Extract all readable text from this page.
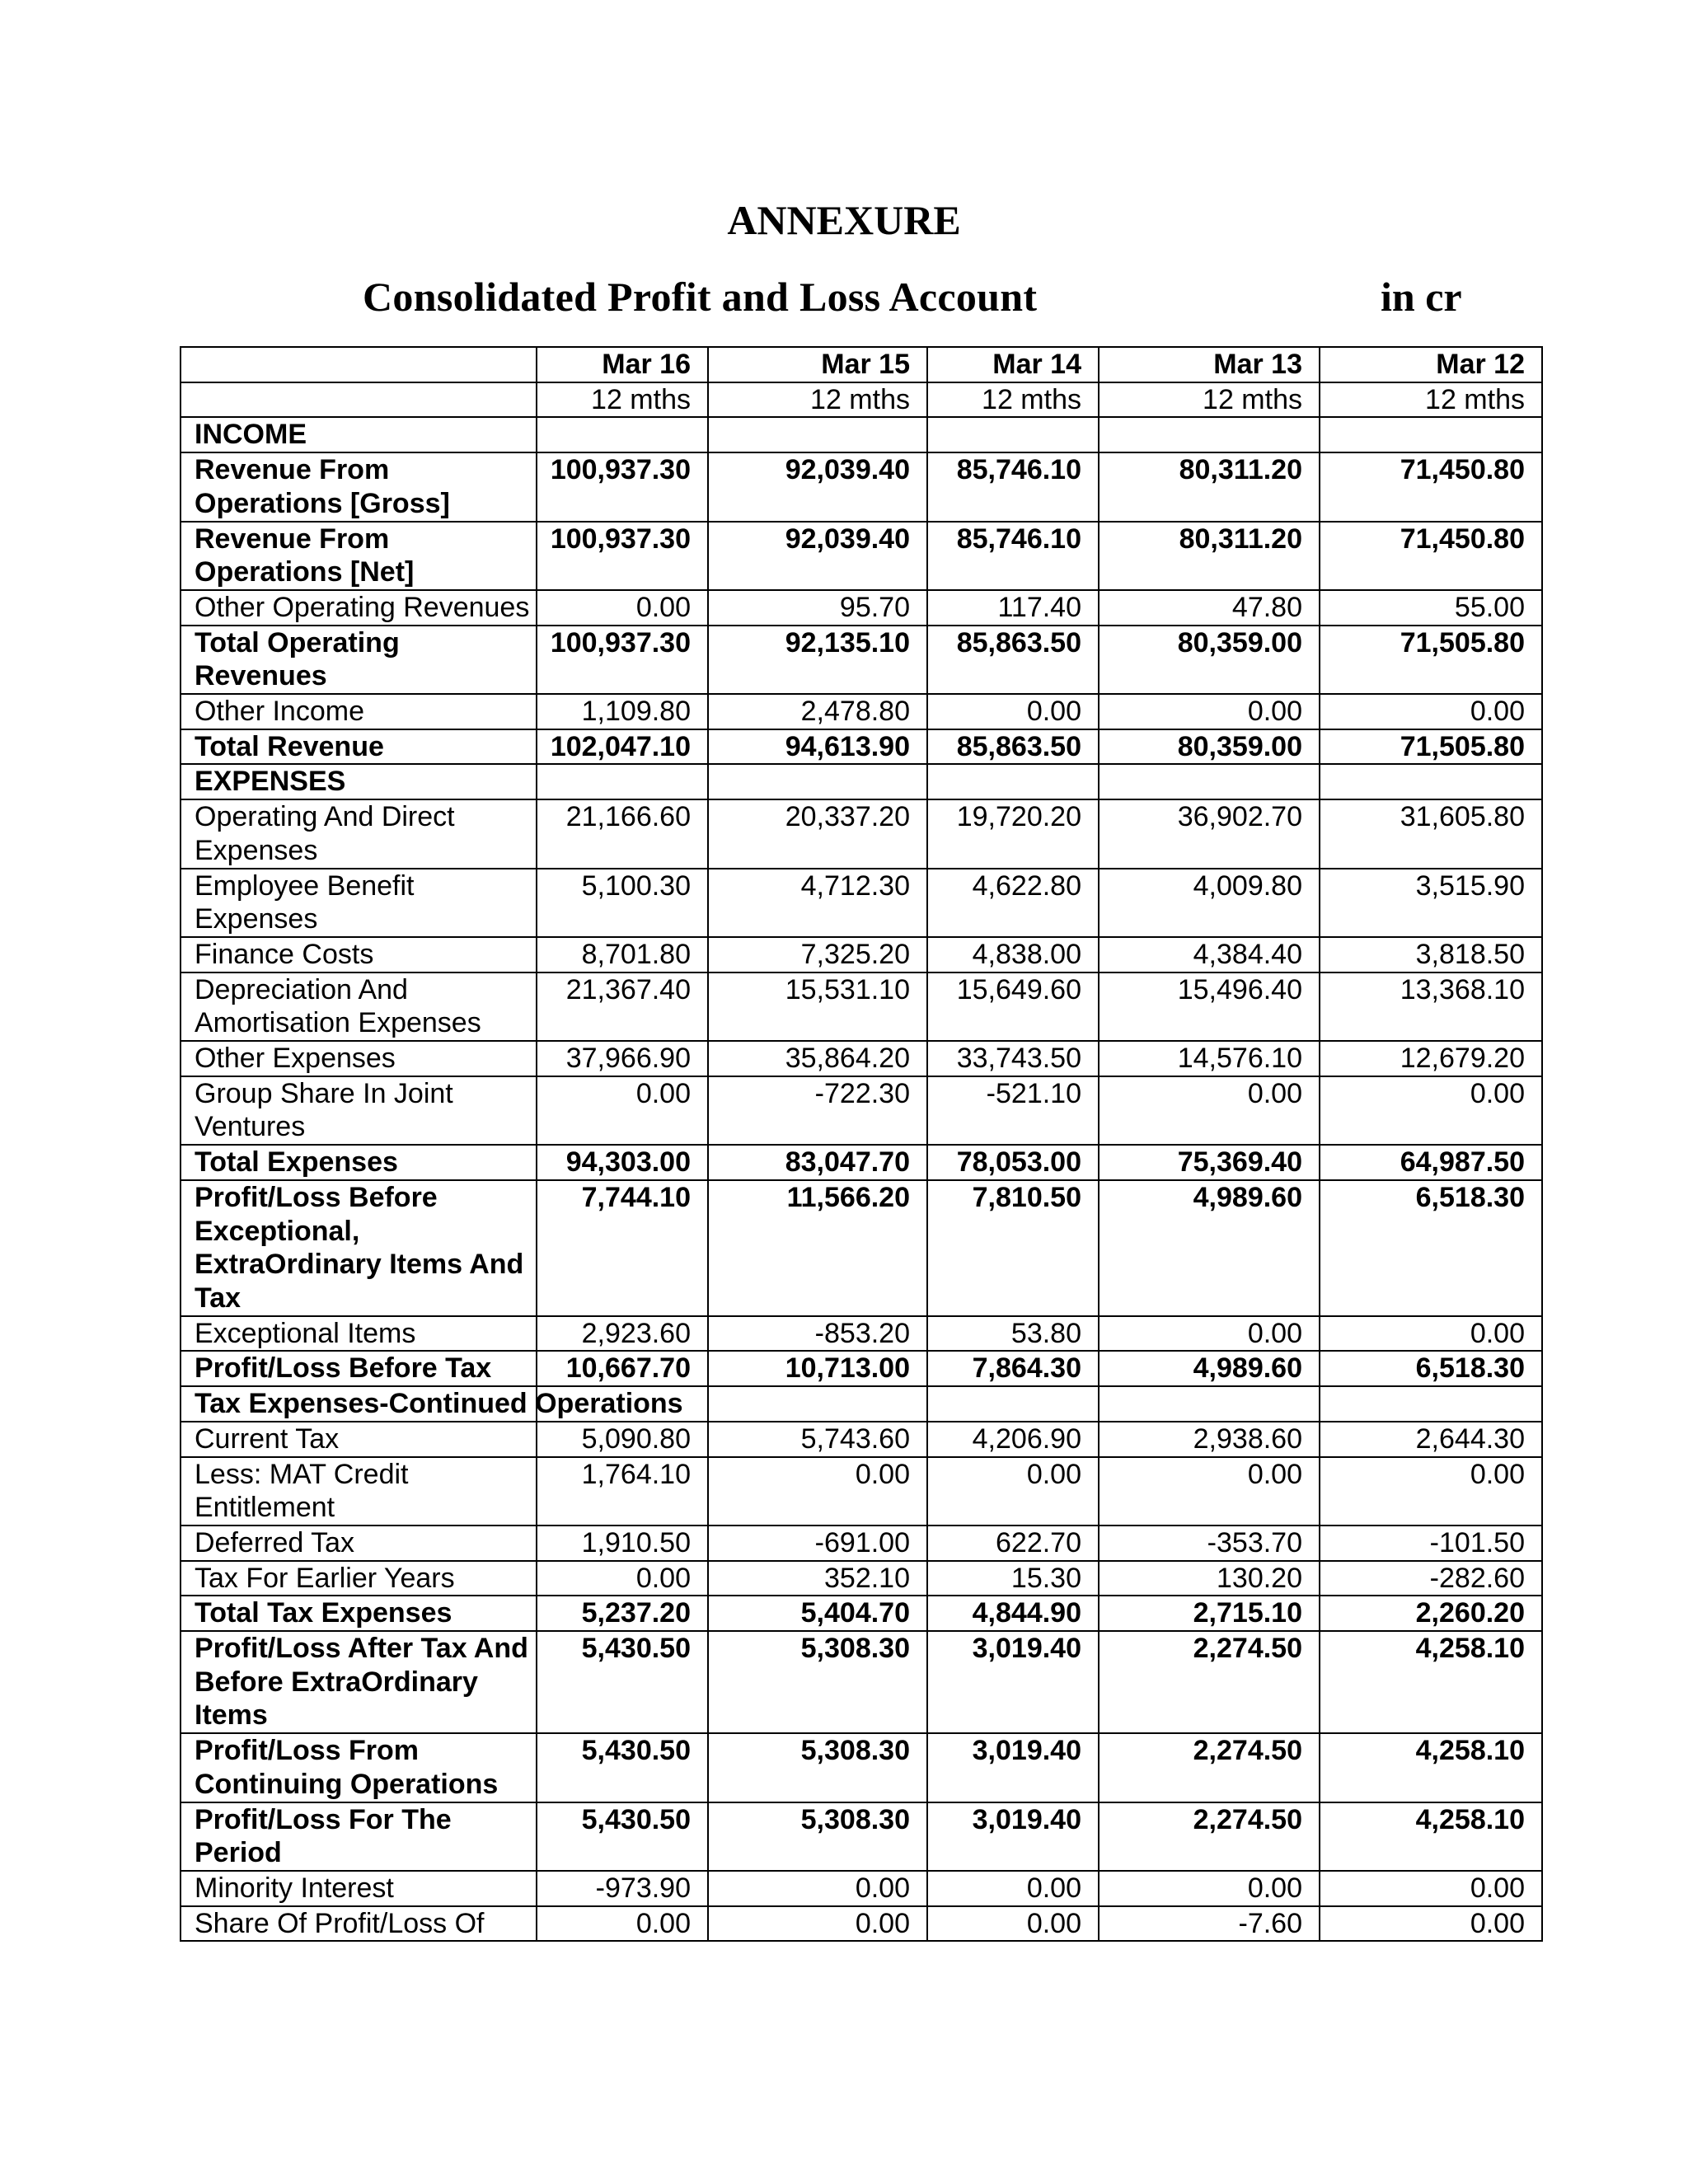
ANNEXURE
Consolidated Profit and Loss Account	in cr
	Mar 16	Mar 15	Mar 14	Mar 13	Mar 12
	12 mths	12 mths	12 mths	12 mths	12 mths
INCOME					
Revenue From Operations [Gross]	100,937.30	92,039.40	85,746.10	80,311.20	71,450.80
Revenue From Operations [Net]	100,937.30	92,039.40	85,746.10	80,311.20	71,450.80
Other Operating Revenues	0.00	95.70	117.40	47.80	55.00
Total Operating Revenues	100,937.30	92,135.10	85,863.50	80,359.00	71,505.80
Other Income	1,109.80	2,478.80	0.00	0.00	0.00
Total Revenue	102,047.10	94,613.90	85,863.50	80,359.00	71,505.80
EXPENSES					
Operating And Direct Expenses	21,166.60	20,337.20	19,720.20	36,902.70	31,605.80
Employee Benefit Expenses	5,100.30	4,712.30	4,622.80	4,009.80	3,515.90
Finance Costs	8,701.80	7,325.20	4,838.00	4,384.40	3,818.50
Depreciation And Amortisation Expenses	21,367.40	15,531.10	15,649.60	15,496.40	13,368.10
Other Expenses	37,966.90	35,864.20	33,743.50	14,576.10	12,679.20
Group Share In Joint Ventures	0.00	-722.30	-521.10	0.00	0.00
Total Expenses	94,303.00	83,047.70	78,053.00	75,369.40	64,987.50
Profit/Loss Before Exceptional, ExtraOrdinary Items And Tax	7,744.10	11,566.20	7,810.50	4,989.60	6,518.30
Exceptional Items	2,923.60	-853.20	53.80	0.00	0.00
Profit/Loss Before Tax	10,667.70	10,713.00	7,864.30	4,989.60	6,518.30
Tax Expenses-Continued Operations					
Current Tax	5,090.80	5,743.60	4,206.90	2,938.60	2,644.30
Less: MAT Credit Entitlement	1,764.10	0.00	0.00	0.00	0.00
Deferred Tax	1,910.50	-691.00	622.70	-353.70	-101.50
Tax For Earlier Years	0.00	352.10	15.30	130.20	-282.60
Total Tax Expenses	5,237.20	5,404.70	4,844.90	2,715.10	2,260.20
Profit/Loss After Tax And Before ExtraOrdinary Items	5,430.50	5,308.30	3,019.40	2,274.50	4,258.10
Profit/Loss From Continuing Operations	5,430.50	5,308.30	3,019.40	2,274.50	4,258.10
Profit/Loss For The Period	5,430.50	5,308.30	3,019.40	2,274.50	4,258.10
Minority Interest	-973.90	0.00	0.00	0.00	0.00
Share Of Profit/Loss Of	0.00	0.00	0.00	-7.60	0.00
